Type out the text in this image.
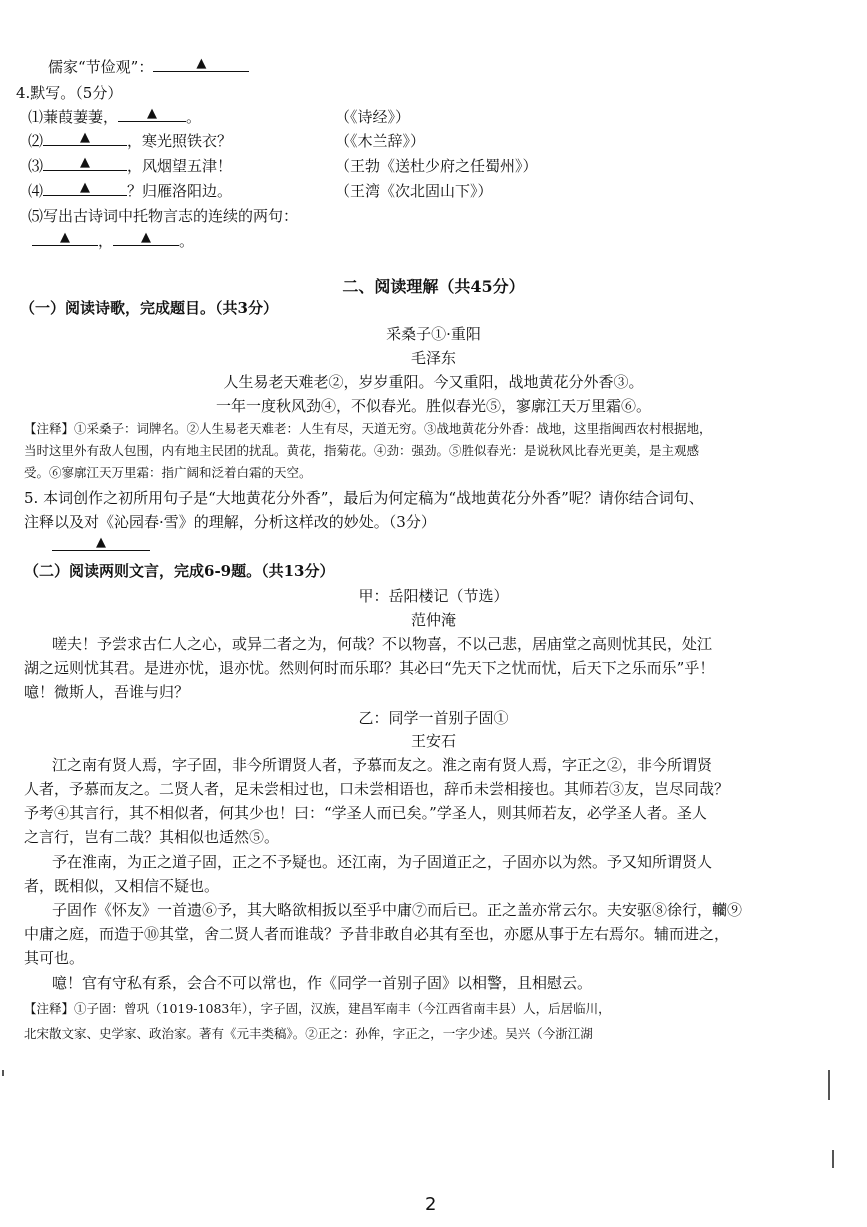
儒家“节俭观”：	▲
4.默写。（5分）
⑴蒹葭萋萋， ▲ 。	（《诗经》）
⑵	▲ ，寒光照铁衣？	（《木兰辞》）
⑶	▲ ，风烟望五津！	（王勃《送杜少府之任蜀州》）
⑷	▲ ？归雁洛阳边。	（王湾《次北固山下》）
⑸写出古诗词中托物言志的连续的两句：
▲ ， ▲ 。
二、阅读理解（共45分）
（一）阅读诗歌，完成题目。（共3分）
采桑子①·重阳
毛泽东
人生易老天难老②，岁岁重阳。今又重阳，战地黄花分外香③。
一年一度秋风劲④，不似春光。胜似春光⑤，寥廓江天万里霜⑥。
【注释】①采桑子：词牌名。②人生易老天难老：人生有尽，天道无穷。③战地黄花分外香：战地，这里指闽西农村根据地，
当时这里外有敌人包围，内有地主民团的扰乱。黄花，指菊花。④劲：强劲。⑤胜似春光：是说秋风比春光更美，是主观感
受。⑥寥廓江天万里霜：指广阔和泛着白霜的天空。
5. 本词创作之初所用句子是“大地黄花分外香”，最后为何定稿为“战地黄花分外香”呢？请你结合词句、
注释以及对《沁园春·雪》的理解，分析这样改的妙处。（3分）
▲
（二）阅读两则文言，完成6-9题。（共13分）
甲：岳阳楼记（节选）
范仲淹
嗟夫！予尝求古仁人之心，或异二者之为，何哉？不以物喜，不以己悲，居庙堂之高则忧其民，处江
湖之远则忧其君。是进亦忧，退亦忧。然则何时而乐耶？其必曰“先天下之忧而忧，后天下之乐而乐”乎！
噫！微斯人，吾谁与归？
乙：同学一首别子固①
王安石
江之南有贤人焉，字子固，非今所谓贤人者，予慕而友之。淮之南有贤人焉，字正之②，非今所谓贤
人者，予慕而友之。二贤人者，足未尝相过也，口未尝相语也，辞币未尝相接也。其师若③友，岂尽同哉？
予考④其言行，其不相似者，何其少也！曰：“学圣人而已矣。”学圣人，则其师若友，必学圣人者。圣人
之言行，岂有二哉？其相似也适然⑤。
予在淮南，为正之道子固，正之不予疑也。还江南，为子固道正之，子固亦以为然。予又知所谓贤人
者，既相似，又相信不疑也。
子固作《怀友》一首遗⑥予，其大略欲相扳以至乎中庸⑦而后已。正之盖亦常云尔。夫安驱⑧徐行，轥⑨
中庸之庭，而造于⑩其堂，舍二贤人者而谁哉？予昔非敢自必其有至也，亦愿从事于左右焉尔。辅而进之，
其可也。
噫！官有守私有系，会合不可以常也，作《同学一首别子固》以相警，且相慰云。
【注释】①子固：曾巩（1019-1083年），字子固，汉族，建昌军南丰（今江西省南丰县）人，后居临川，
北宋散文家、史学家、政治家。著有《元丰类稿》。②正之：孙侔，字正之，一字少述。吴兴（今浙江湖
2
